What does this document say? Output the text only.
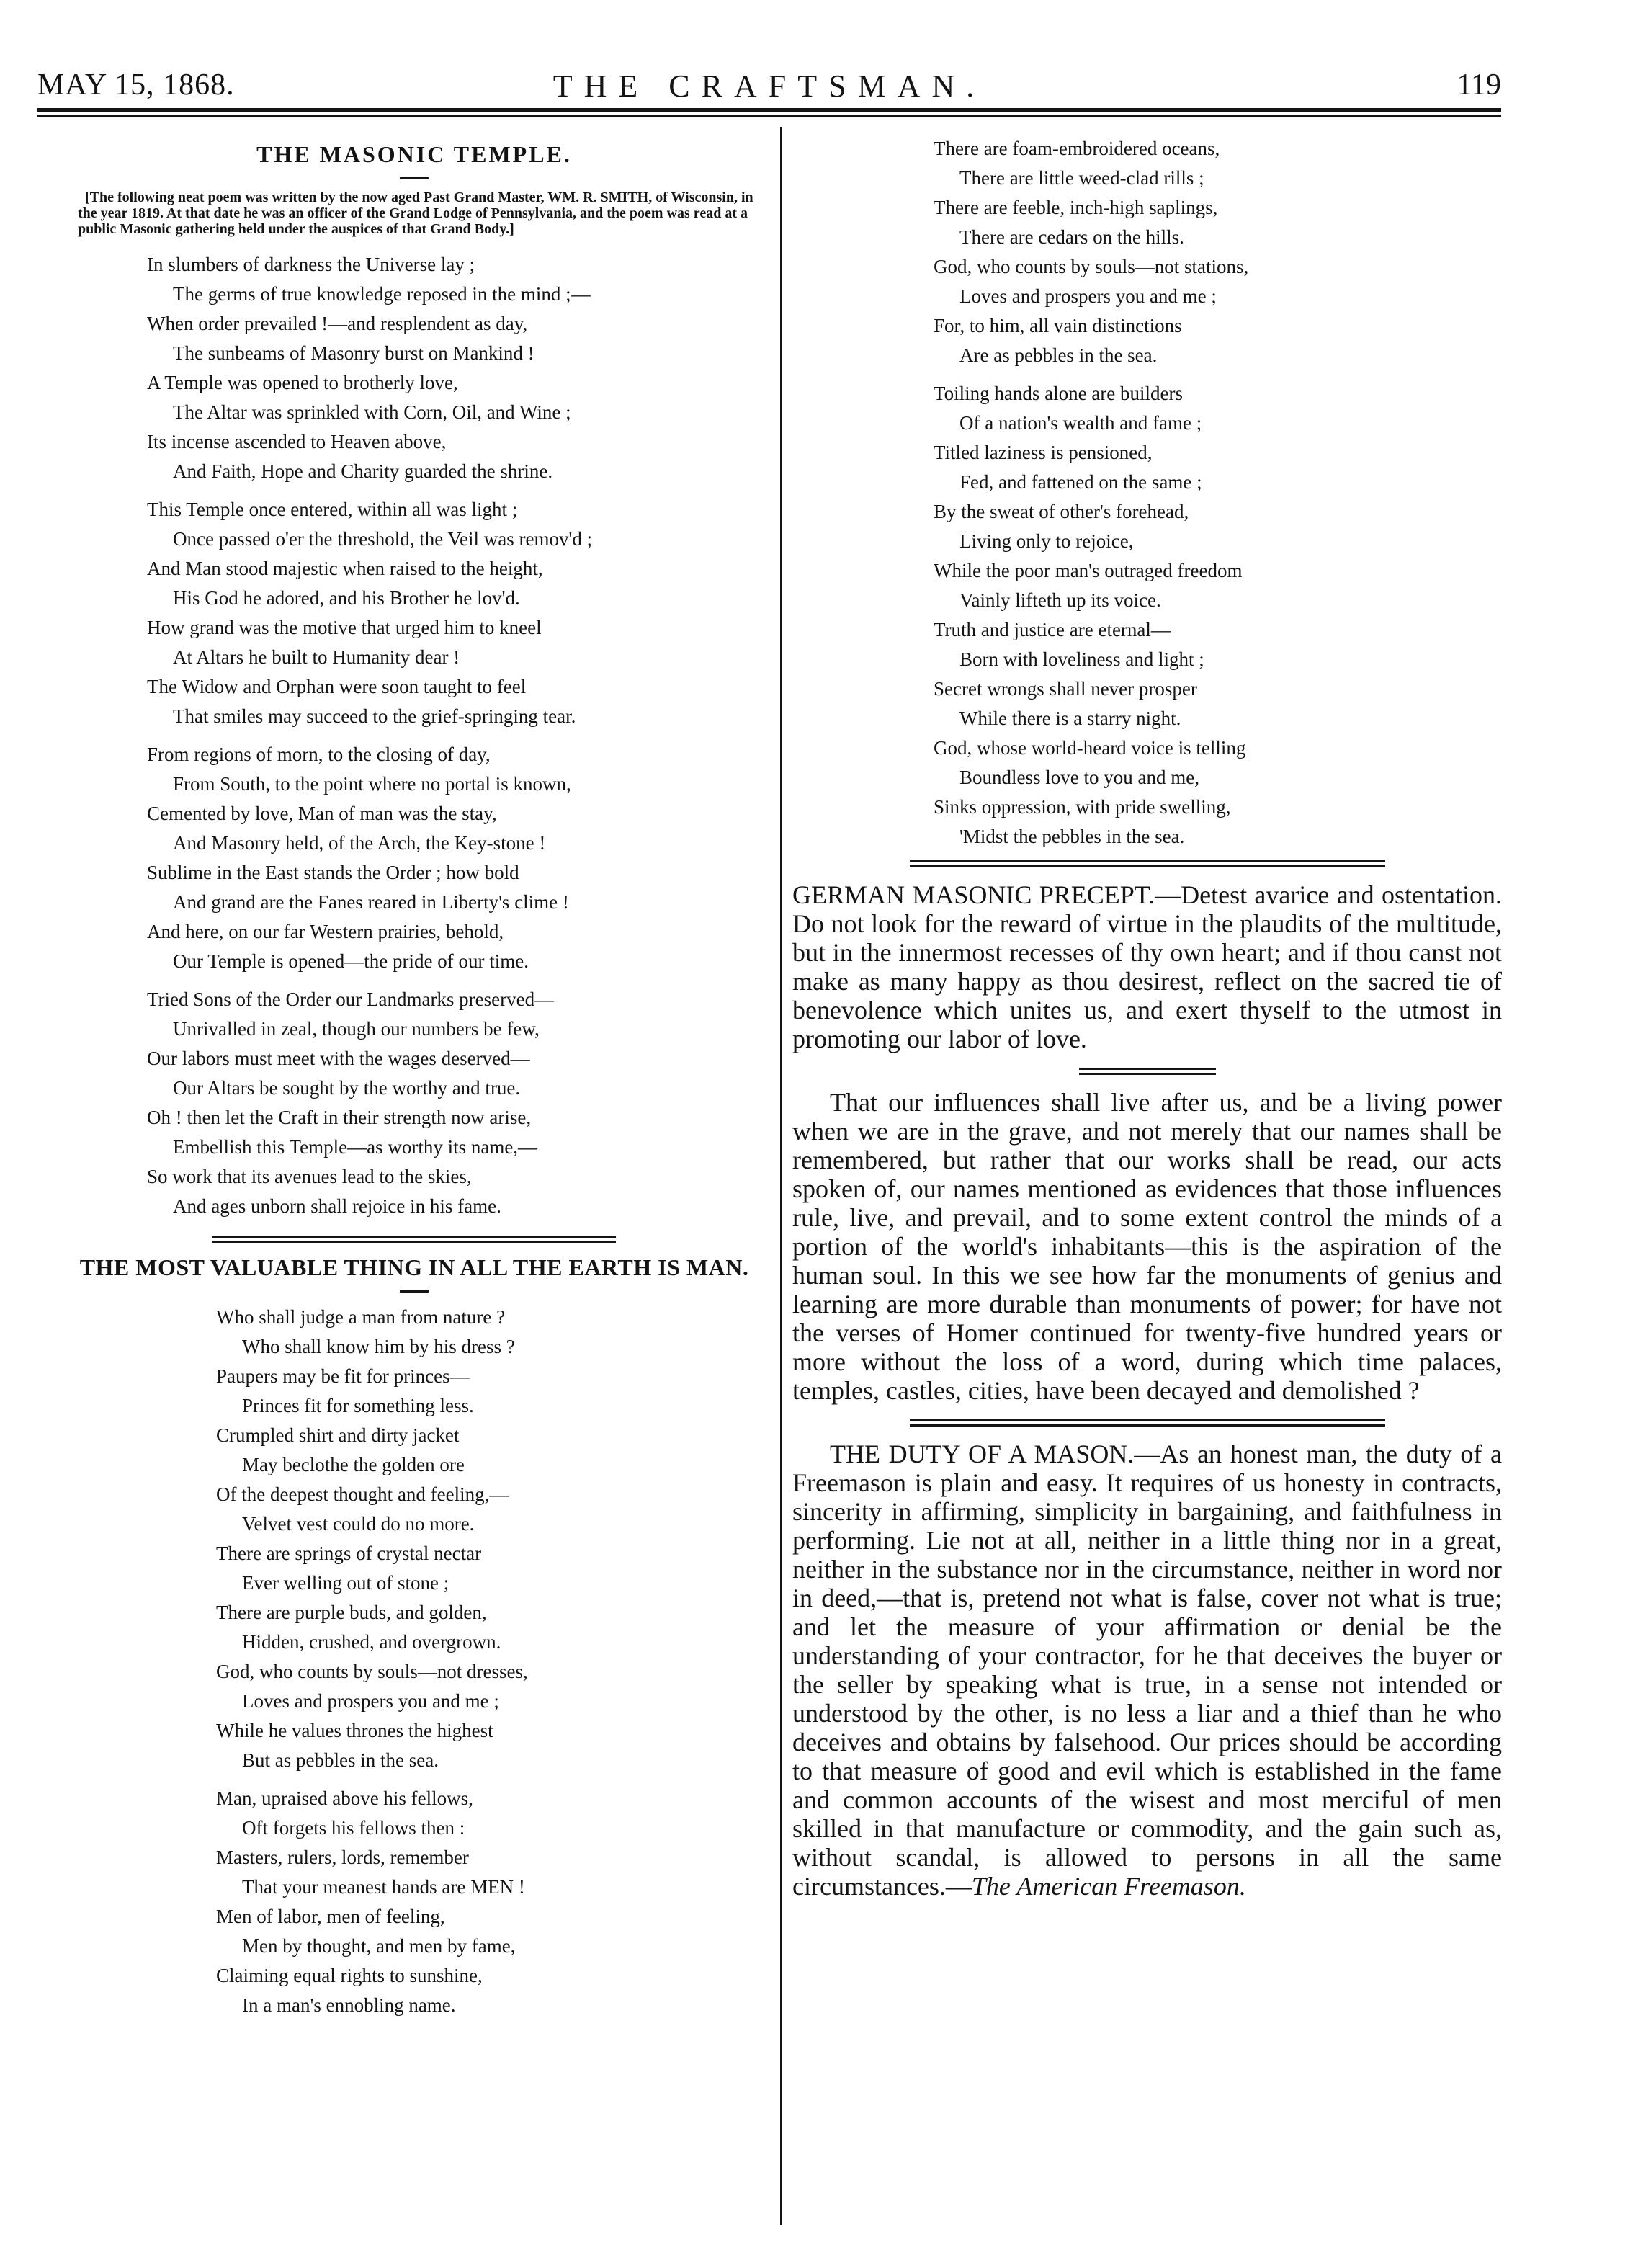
MAY 15, 1868.	THE CRAFTSMAN.	119
THE MASONIC TEMPLE.

[The following neat poem was written by the now aged Past Grand Master, WM. R. SMITH, of Wisconsin, in the year 1819. At that date he was an officer of the Grand Lodge of Pennsylvania, and the poem was read at a public Masonic gathering held under the auspices of that Grand Body.]

In slumbers of darkness the Universe lay ;
The germs of true knowledge reposed in the mind ;—
When order prevailed !—and resplendent as day,
The sunbeams of Masonry burst on Mankind !
A Temple was opened to brotherly love,
The Altar was sprinkled with Corn, Oil, and Wine ;
Its incense ascended to Heaven above,
And Faith, Hope and Charity guarded the shrine.
This Temple once entered, within all was light ;
Once passed o'er the threshold, the Veil was remov'd ;
And Man stood majestic when raised to the height,
His God he adored, and his Brother he lov'd.
How grand was the motive that urged him to kneel
At Altars he built to Humanity dear !
The Widow and Orphan were soon taught to feel
That smiles may succeed to the grief-springing tear.
From regions of morn, to the closing of day,
From South, to the point where no portal is known,
Cemented by love, Man of man was the stay,
And Masonry held, of the Arch, the Key-stone !
Sublime in the East stands the Order ; how bold
And grand are the Fanes reared in Liberty's clime !
And here, on our far Western prairies, behold,
Our Temple is opened—the pride of our time.
Tried Sons of the Order our Landmarks preserved—
Unrivalled in zeal, though our numbers be few,
Our labors must meet with the wages deserved—
Our Altars be sought by the worthy and true.
Oh ! then let the Craft in their strength now arise,
Embellish this Temple—as worthy its name,—
So work that its avenues lead to the skies,
And ages unborn shall rejoice in his fame.
THE MOST VALUABLE THING IN ALL THE EARTH IS MAN.
Who shall judge a man from nature ?
Who shall know him by his dress ?
Paupers may be fit for princes—
Princes fit for something less.
Crumpled shirt and dirty jacket
May beclothe the golden ore
Of the deepest thought and feeling,—
Velvet vest could do no more.
There are springs of crystal nectar
Ever welling out of stone ;
There are purple buds, and golden,
Hidden, crushed, and overgrown.
God, who counts by souls—not dresses,
Loves and prospers you and me ;
While he values thrones the highest
But as pebbles in the sea.
Man, upraised above his fellows,
Oft forgets his fellows then :
Masters, rulers, lords, remember
That your meanest hands are MEN !
Men of labor, men of feeling,
Men by thought, and men by fame,
Claiming equal rights to sunshine,
In a man's ennobling name.
There are foam-embroidered oceans,
There are little weed-clad rills ;
There are feeble, inch-high saplings,
There are cedars on the hills.
God, who counts by souls—not stations,
Loves and prospers you and me ;
For, to him, all vain distinctions
Are as pebbles in the sea.
Toiling hands alone are builders
Of a nation's wealth and fame ;
Titled laziness is pensioned,
Fed, and fattened on the same ;
By the sweat of other's forehead,
Living only to rejoice,
While the poor man's outraged freedom
Vainly lifteth up its voice.
Truth and justice are eternal—
Born with loveliness and light ;
Secret wrongs shall never prosper
While there is a starry night.
God, whose world-heard voice is telling
Boundless love to you and me,
Sinks oppression, with pride swelling,
'Midst the pebbles in the sea.

GERMAN MASONIC PRECEPT.—Detest avarice and ostentation. Do not look for the reward of virtue in the plaudits of the multitude, but in the innermost recesses of thy own heart; and if thou canst not make as many happy as thou desirest, reflect on the sacred tie of benevolence which unites us, and exert thyself to the utmost in promoting our labor of love.

That our influences shall live after us, and be a living power when we are in the grave, and not merely that our names shall be remembered, but rather that our works shall be read, our acts spoken of, our names mentioned as evidences that those influences rule, live, and prevail, and to some extent control the minds of a portion of the world's inhabitants—this is the aspiration of the human soul. In this we see how far the monuments of genius and learning are more durable than monuments of power; for have not the verses of Homer continued for twenty-five hundred years or more without the loss of a word, during which time palaces, temples, castles, cities, have been decayed and demolished ?

THE DUTY OF A MASON.—As an honest man, the duty of a Freemason is plain and easy. It requires of us honesty in contracts, sincerity in affirming, simplicity in bargaining, and faithfulness in performing. Lie not at all, neither in a little thing nor in a great, neither in the substance nor in the circumstance, neither in word nor in deed,—that is, pretend not what is false, cover not what is true; and let the measure of your affirmation or denial be the understanding of your contractor, for he that deceives the buyer or the seller by speaking what is true, in a sense not intended or understood by the other, is no less a liar and a thief than he who deceives and obtains by falsehood. Our prices should be according to that measure of good and evil which is established in the fame and common accounts of the wisest and most merciful of men skilled in that manufacture or commodity, and the gain such as, without scandal, is allowed to persons in all the same circumstances.—The American Freemason.
